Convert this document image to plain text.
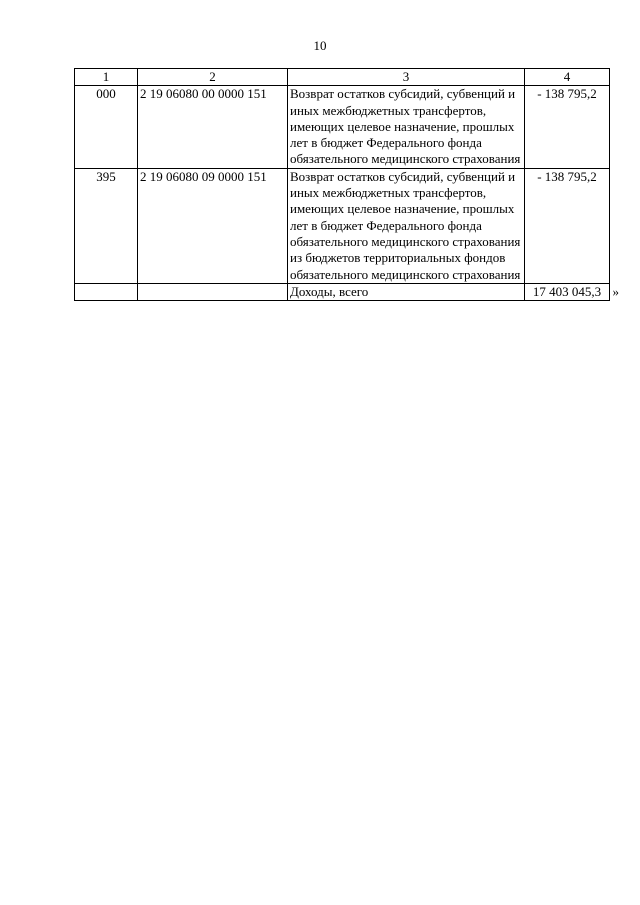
10
1	2	3	4
000	2 19 06080 00 0000 151	Возврат остатков субсидий, субвенций и иных межбюджетных трансфертов, имеющих целевое назначение, прошлых лет в бюджет Федерального фонда обязательного медицинского страхования	- 138 795,2
395	2 19 06080 09 0000 151	Возврат остатков субсидий, субвенций и иных межбюджетных трансфертов, имеющих целевое назначение, прошлых лет в бюджет Федерального фонда обязательного медицинского страхования из бюджетов территориальных фондов обязательного медицинского страхования	- 138 795,2
		Доходы, всего	17 403 045,3 »
